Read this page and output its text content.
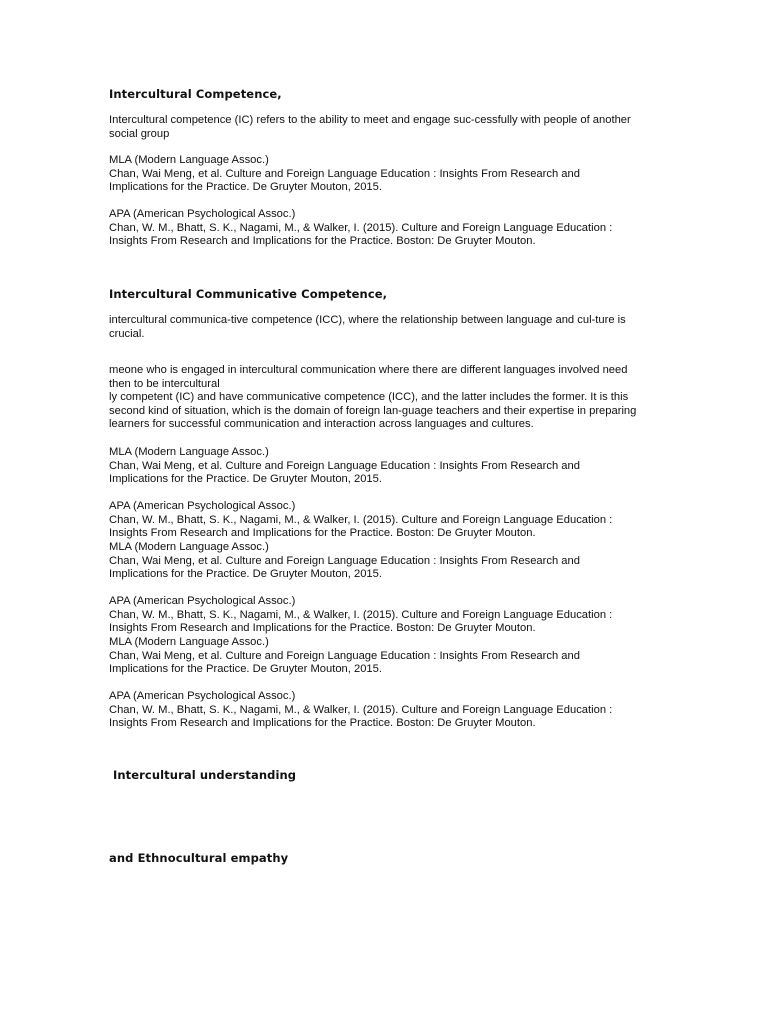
Intercultural Competence,
Intercultural competence (IC) refers to the ability to meet and engage suc-cessfully with people of another
social group
MLA (Modern Language Assoc.)
Chan, Wai Meng, et al. Culture and Foreign Language Education : Insights From Research and
Implications for the Practice. De Gruyter Mouton, 2015.
APA (American Psychological Assoc.)
Chan, W. M., Bhatt, S. K., Nagami, M., & Walker, I. (2015). Culture and Foreign Language Education :
Insights From Research and Implications for the Practice. Boston: De Gruyter Mouton.
Intercultural Communicative Competence,
intercultural communica-tive competence (ICC), where the relationship between language and cul-ture is
crucial.
meone who is engaged in intercultural communication where there are different languages involved need
then to be intercultural
ly competent (IC) and have communicative competence (ICC), and the latter includes the former. It is this
second kind of situation, which is the domain of foreign lan-guage teachers and their expertise in preparing
learners for successful communication and interaction across languages and cultures.
MLA (Modern Language Assoc.)
Chan, Wai Meng, et al. Culture and Foreign Language Education : Insights From Research and
Implications for the Practice. De Gruyter Mouton, 2015.
APA (American Psychological Assoc.)
Chan, W. M., Bhatt, S. K., Nagami, M., & Walker, I. (2015). Culture and Foreign Language Education :
Insights From Research and Implications for the Practice. Boston: De Gruyter Mouton.
MLA (Modern Language Assoc.)
Chan, Wai Meng, et al. Culture and Foreign Language Education : Insights From Research and
Implications for the Practice. De Gruyter Mouton, 2015.
APA (American Psychological Assoc.)
Chan, W. M., Bhatt, S. K., Nagami, M., & Walker, I. (2015). Culture and Foreign Language Education :
Insights From Research and Implications for the Practice. Boston: De Gruyter Mouton.
MLA (Modern Language Assoc.)
Chan, Wai Meng, et al. Culture and Foreign Language Education : Insights From Research and
Implications for the Practice. De Gruyter Mouton, 2015.
APA (American Psychological Assoc.)
Chan, W. M., Bhatt, S. K., Nagami, M., & Walker, I. (2015). Culture and Foreign Language Education :
Insights From Research and Implications for the Practice. Boston: De Gruyter Mouton.
Intercultural understanding
and Ethnocultural empathy
